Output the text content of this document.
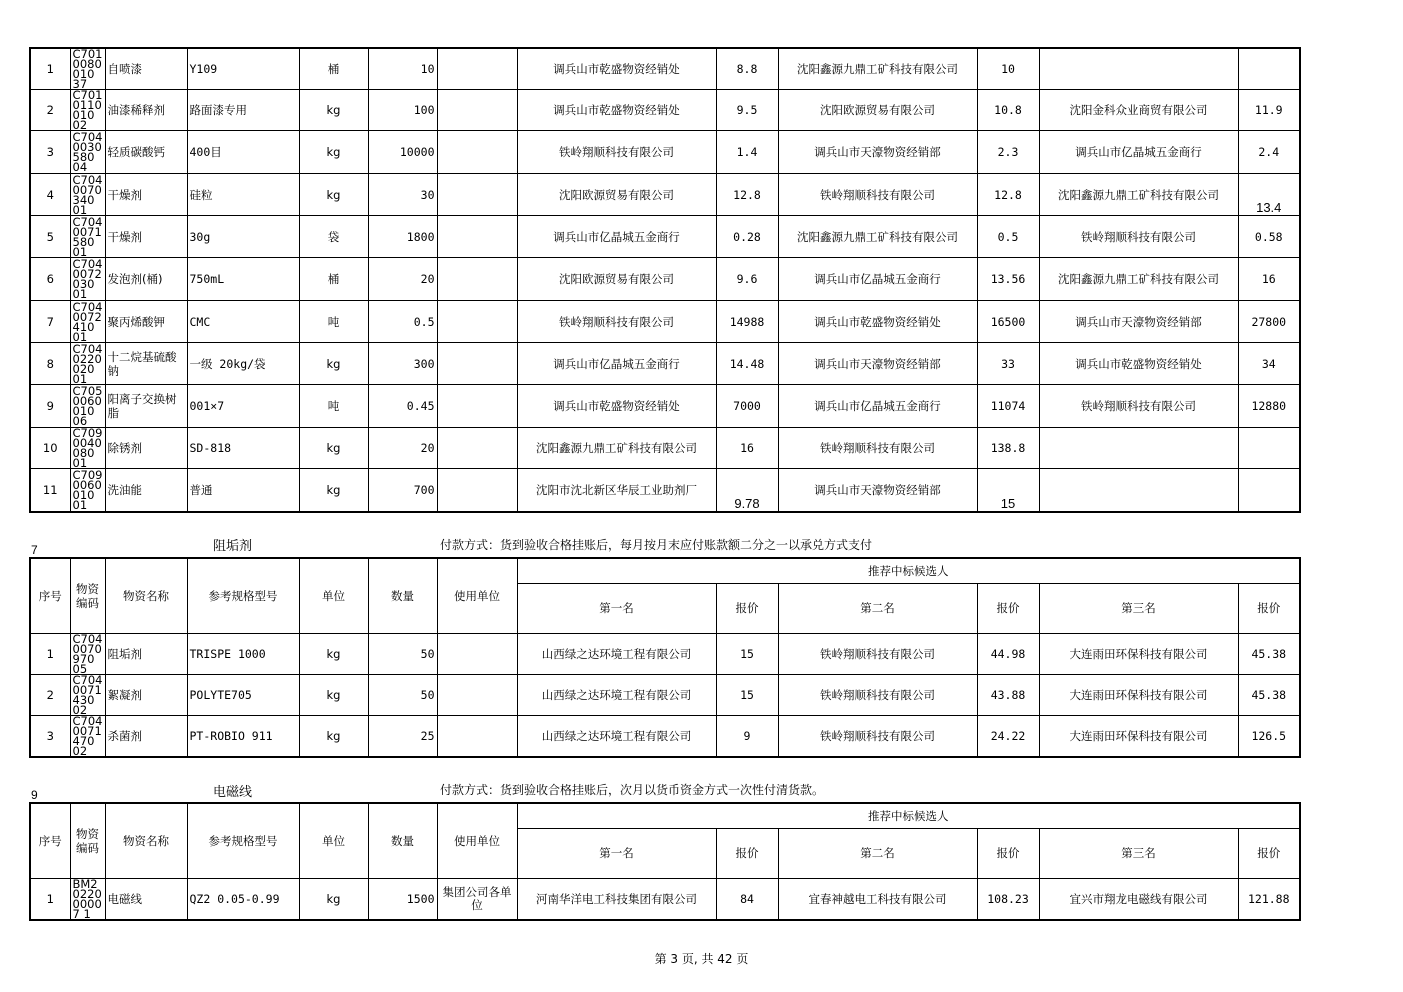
1	C7010080010 37	自喷漆	Y109	桶	10		调兵山市乾盛物资经销处	8.8	沈阳鑫源九鼎工矿科技有限公司	10		
2	C7010110010 02	油漆稀释剂	路面漆专用	kg	100		调兵山市乾盛物资经销处	9.5	沈阳欧源贸易有限公司	10.8	沈阳金科众业商贸有限公司	11.9
3	C7040030580 04	轻质碳酸钙	400目	kg	10000		铁岭翔顺科技有限公司	1.4	调兵山市天濠物资经销部	2.3	调兵山市亿晶城五金商行	2.4
4	C7040070340 01	干燥剂	硅粒	kg	30		沈阳欧源贸易有限公司	12.8	铁岭翔顺科技有限公司	12.8	沈阳鑫源九鼎工矿科技有限公司	13.4
5	C7040071580 01	干燥剂	30g	袋	1800		调兵山市亿晶城五金商行	0.28	沈阳鑫源九鼎工矿科技有限公司	0.5	铁岭翔顺科技有限公司	0.58
6	C7040072030 01	发泡剂(桶)	750mL	桶	20		沈阳欧源贸易有限公司	9.6	调兵山市亿晶城五金商行	13.56	沈阳鑫源九鼎工矿科技有限公司	16
7	C7040072410 01	聚丙烯酸钾	CMC	吨	0.5		铁岭翔顺科技有限公司	14988	调兵山市乾盛物资经销处	16500	调兵山市天濠物资经销部	27800
8	C7040220020 01	十二烷基硫酸钠	一级 20kg/袋	kg	300		调兵山市亿晶城五金商行	14.48	调兵山市天濠物资经销部	33	调兵山市乾盛物资经销处	34
9	C7050060010 06	阳离子交换树脂	001×7	吨	0.45		调兵山市乾盛物资经销处	7000	调兵山市亿晶城五金商行	11074	铁岭翔顺科技有限公司	12880
10	C7090040080 01	除锈剂	SD-818	kg	20		沈阳鑫源九鼎工矿科技有限公司	16	铁岭翔顺科技有限公司	138.8		
11	C7090060010 01	洗油能	普通	kg	700		沈阳市沈北新区华辰工业助剂厂	9.78	调兵山市天濠物资经销部	15		
7	阻垢剂	付款方式：货到验收合格挂账后，每月按月末应付账款额二分之一以承兑方式支付
序号	物资编码	物资名称	参考规格型号	单位	数量	使用单位	推荐中标候选人					
							第一名	报价	第二名	报价	第三名	报价
1	C7040070970 05	阻垢剂	TRISPE 1000	kg	50		山西绿之达环境工程有限公司	15	铁岭翔顺科技有限公司	44.98	大连雨田环保科技有限公司	45.38
2	C7040071430 02	絮凝剂	POLYTE705	kg	50		山西绿之达环境工程有限公司	15	铁岭翔顺科技有限公司	43.88	大连雨田环保科技有限公司	45.38
3	C7040071470 02	杀菌剂	PT-ROBIO 911	kg	25		山西绿之达环境工程有限公司	9	铁岭翔顺科技有限公司	24.22	大连雨田环保科技有限公司	126.5
9	电磁线	付款方式：货到验收合格挂账后，次月以货币资金方式一次性付清货款。
序号	物资编码	物资名称	参考规格型号	单位	数量	使用单位	推荐中标候选人					
							第一名	报价	第二名	报价	第三名	报价
1	BM2022000007 1	电磁线	QZ2 0.05-0.99	kg	1500	集团公司各单位	河南华洋电工科技集团有限公司	84	宜春神越电工科技有限公司	108.23	宜兴市翔龙电磁线有限公司	121.88
第 3 页, 共 42 页
